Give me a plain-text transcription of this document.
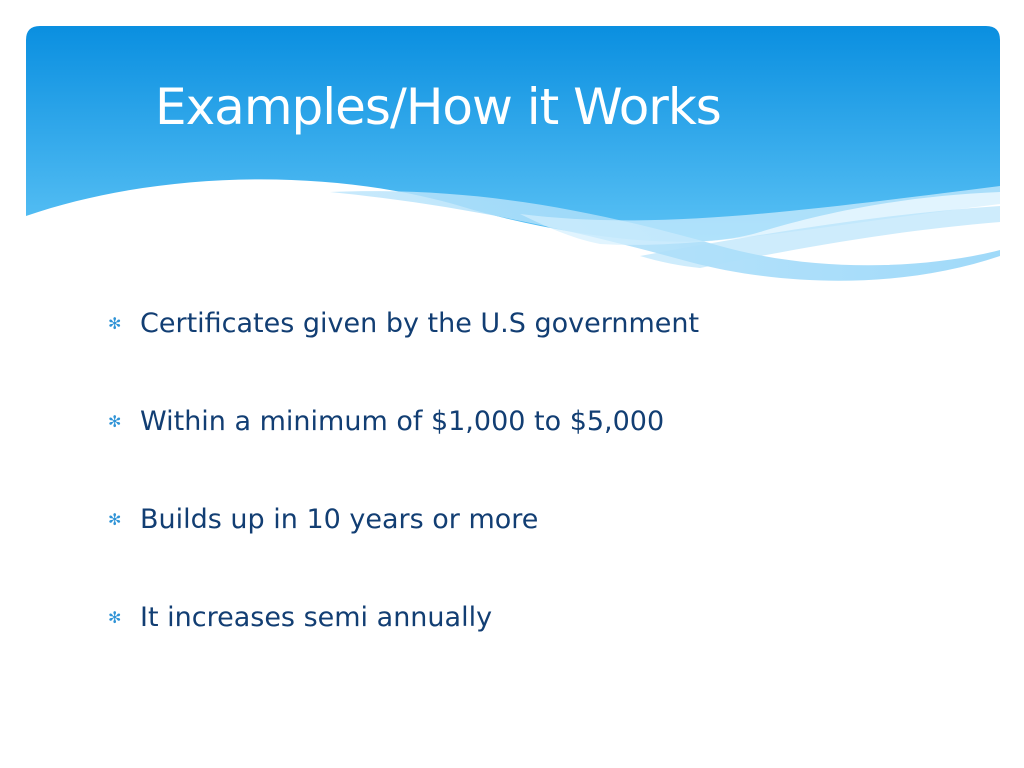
Examples/How it Works
✻ Certificates given by the U.S government
✻ Within a minimum of $1,000 to $5,000
✻ Builds up in 10 years or more
✻ It increases semi annually
